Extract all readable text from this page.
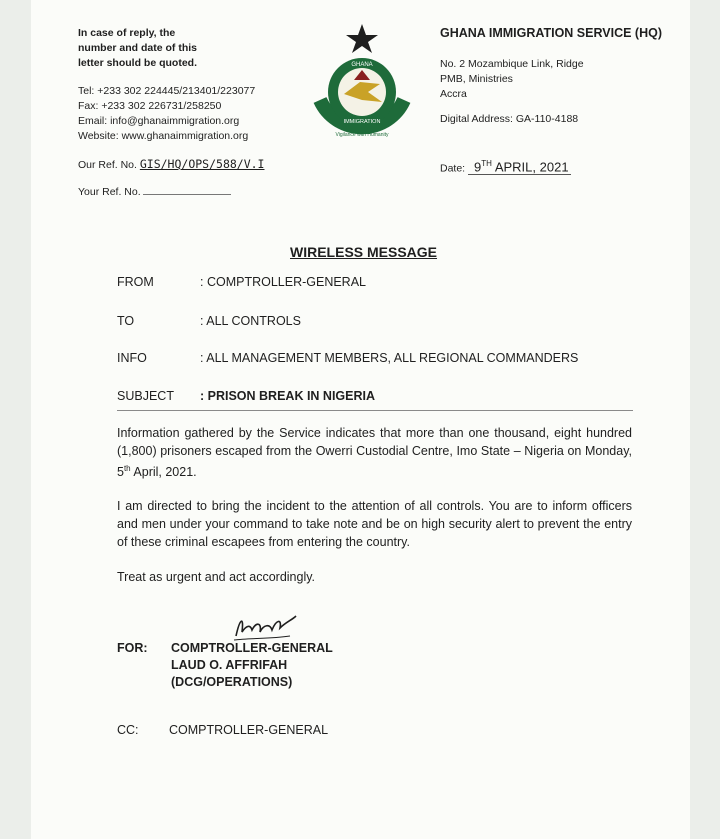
In case of reply, the
number and date of this
letter should be quoted.
Tel: +233 302 224445/213401/223077
Fax: +233 302 226731/258250
Email: info@ghanaimmigration.org
Website: www.ghanaimmigration.org
Our Ref. No. GIS/HQ/OPS/588/V.I
Your Ref. No.
GHANA
IMMIGRATION
Vigilance with Humanity
GHANA IMMIGRATION SERVICE (HQ)
No. 2 Mozambique Link, Ridge
PMB, Ministries
Accra
Digital Address: GA-110-4188
Date: 9TH APRIL, 2021
WIRELESS MESSAGE
FROM	: COMPTROLLER-GENERAL
TO	: ALL CONTROLS
INFO	: ALL MANAGEMENT MEMBERS, ALL REGIONAL COMMANDERS
SUBJECT : PRISON BREAK IN NIGERIA
Information gathered by the Service indicates that more than one thousand, eight hundred (1,800) prisoners escaped from the Owerri Custodial Centre, Imo State – Nigeria on Monday, 5th April, 2021.
I am directed to bring the incident to the attention of all controls. You are to inform officers and men under your command to take note and be on high security alert to prevent the entry of these criminal escapees from entering the country.
Treat as urgent and act accordingly.
FOR: COMPTROLLER-GENERAL
LAUD O. AFFRIFAH
(DCG/OPERATIONS)
CC: COMPTROLLER-GENERAL
